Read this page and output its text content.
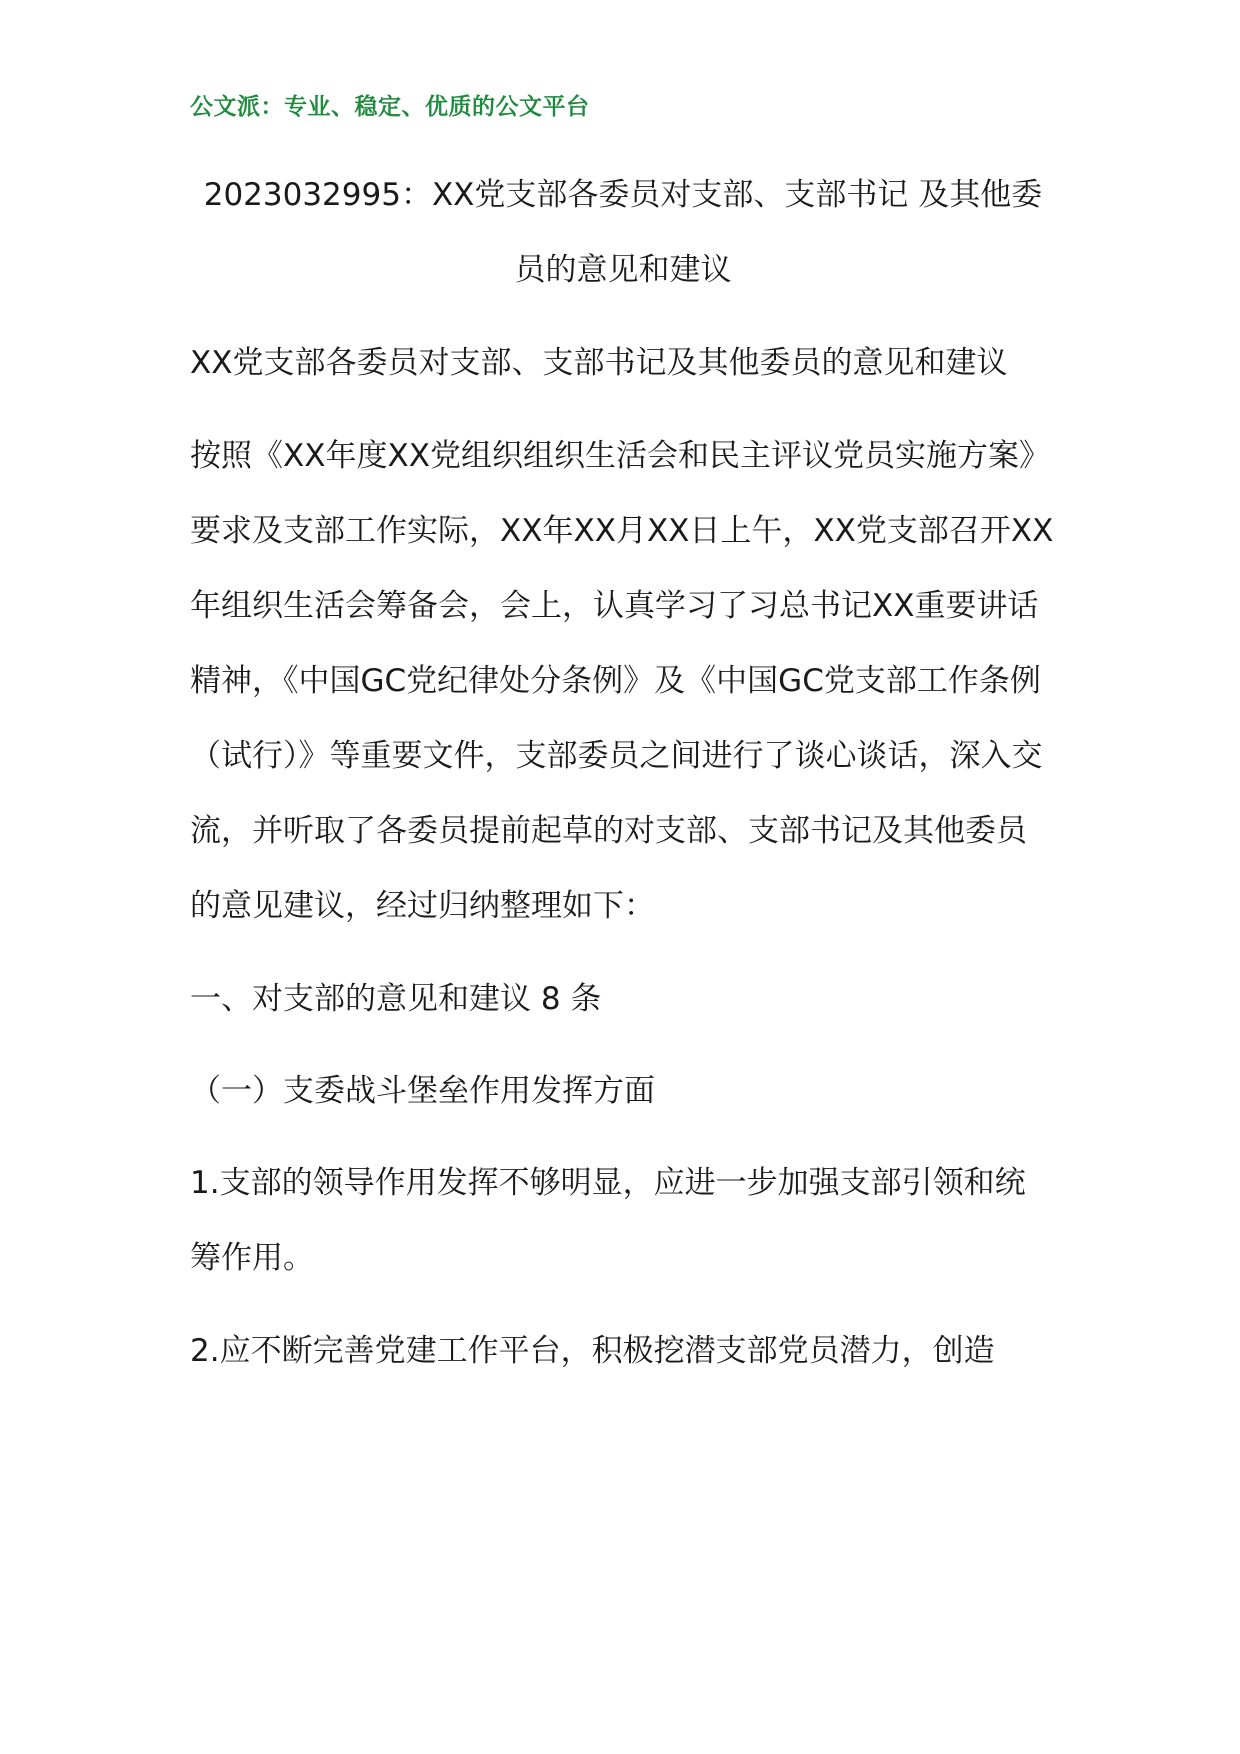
公文派：专业、稳定、优质的公文平台

2023032995：XX党支部各委员对支部、支部书记 及其他委员的意见和建议

XX党支部各委员对支部、支部书记及其他委员的意见和建议

按照《XX年度XX党组织组织生活会和民主评议党员实施方案》要求及支部工作实际，XX年XX月XX日上午，XX党支部召开XX年组织生活会筹备会，会上，认真学习了习总书记XX重要讲话精神，《中国GC党纪律处分条例》及《中国GC党支部工作条例（试行）》等重要文件，支部委员之间进行了谈心谈话，深入交流，并听取了各委员提前起草的对支部、支部书记及其他委员的意见建议，经过归纳整理如下：

一、对支部的意见和建议 8 条

（一）支委战斗堡垒作用发挥方面

1.支部的领导作用发挥不够明显，应进一步加强支部引领和统筹作用。

2.应不断完善党建工作平台，积极挖潜支部党员潜力，创造
